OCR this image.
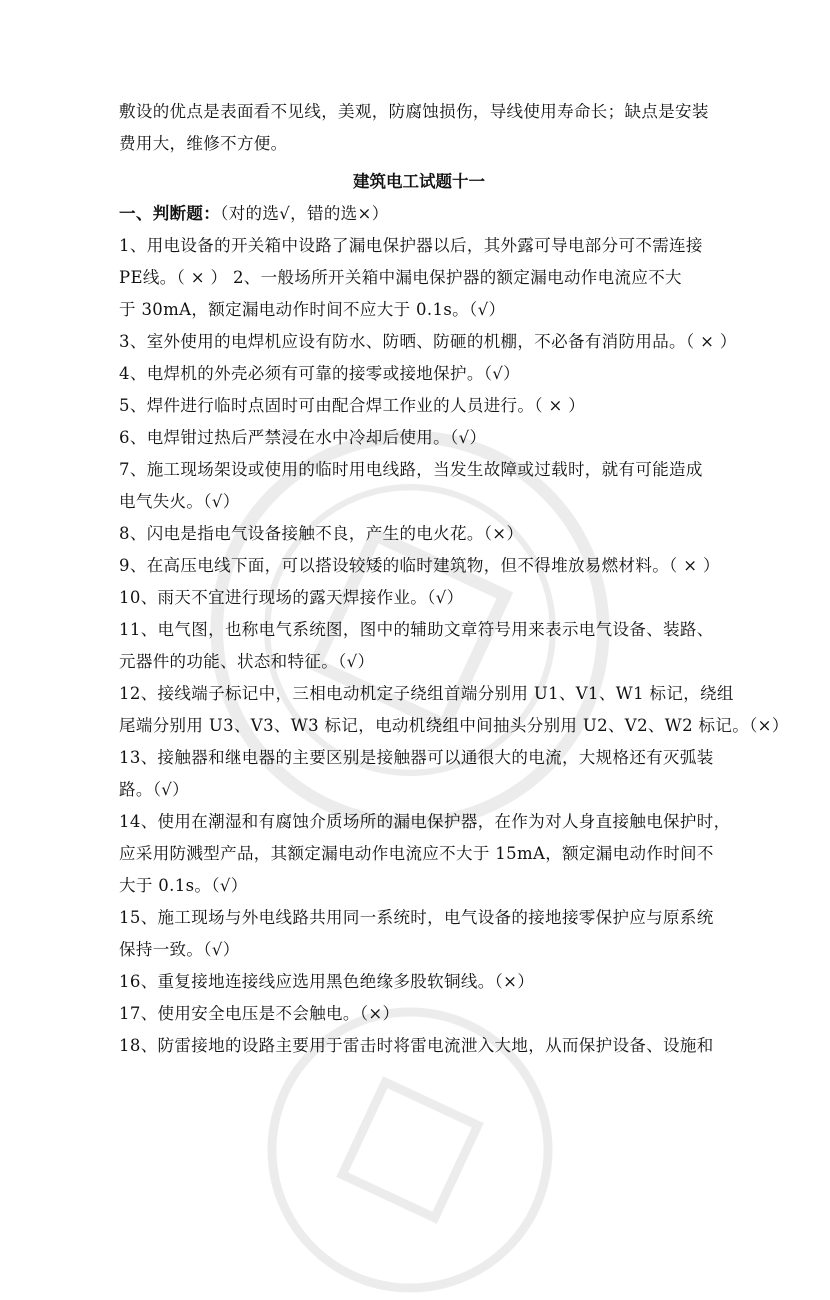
敷设的优点是表面看不见线，美观，防腐蚀损伤，导线使用寿命长；缺点是安装
费用大，维修不方便。
建筑电工试题十一
一、判断题：（对的选√，错的选×）
1、用电设备的开关箱中设路了漏电保护器以后，其外露可导电部分可不需连接
PE线。（ × ） 2、一般场所开关箱中漏电保护器的额定漏电动作电流应不大
于 30mA，额定漏电动作时间不应大于 0.1s。（√）
3、室外使用的电焊机应设有防水、防晒、防砸的机棚，不必备有消防用品。（ × ）
4、电焊机的外壳必须有可靠的接零或接地保护。（√）
5、焊件进行临时点固时可由配合焊工作业的人员进行。（ × ）
6、电焊钳过热后严禁浸在水中冷却后使用。（√）
7、施工现场架设或使用的临时用电线路，当发生故障或过载时，就有可能造成
电气失火。（√）
8、闪电是指电气设备接触不良，产生的电火花。（×）
9、在高压电线下面，可以搭设较矮的临时建筑物，但不得堆放易燃材料。（ × ）
10、雨天不宜进行现场的露天焊接作业。（√）
11、电气图，也称电气系统图，图中的辅助文章符号用来表示电气设备、装路、
元器件的功能、状态和特征。（√）
12、接线端子标记中，三相电动机定子绕组首端分别用 U1、V1、W1 标记，绕组
尾端分别用 U3、V3、W3 标记，电动机绕组中间抽头分别用 U2、V2、W2 标记。（×）
13、接触器和继电器的主要区别是接触器可以通很大的电流，大规格还有灭弧装
路。（√）
14、使用在潮湿和有腐蚀介质场所的漏电保护器，在作为对人身直接触电保护时，
应采用防溅型产品，其额定漏电动作电流应不大于 15mA，额定漏电动作时间不
大于 0.1s。（√）
15、施工现场与外电线路共用同一系统时，电气设备的接地接零保护应与原系统
保持一致。（√）
16、重复接地连接线应选用黑色绝缘多股软铜线。（×）
17、使用安全电压是不会触电。（×）
18、防雷接地的设路主要用于雷击时将雷电流泄入大地，从而保护设备、设施和
